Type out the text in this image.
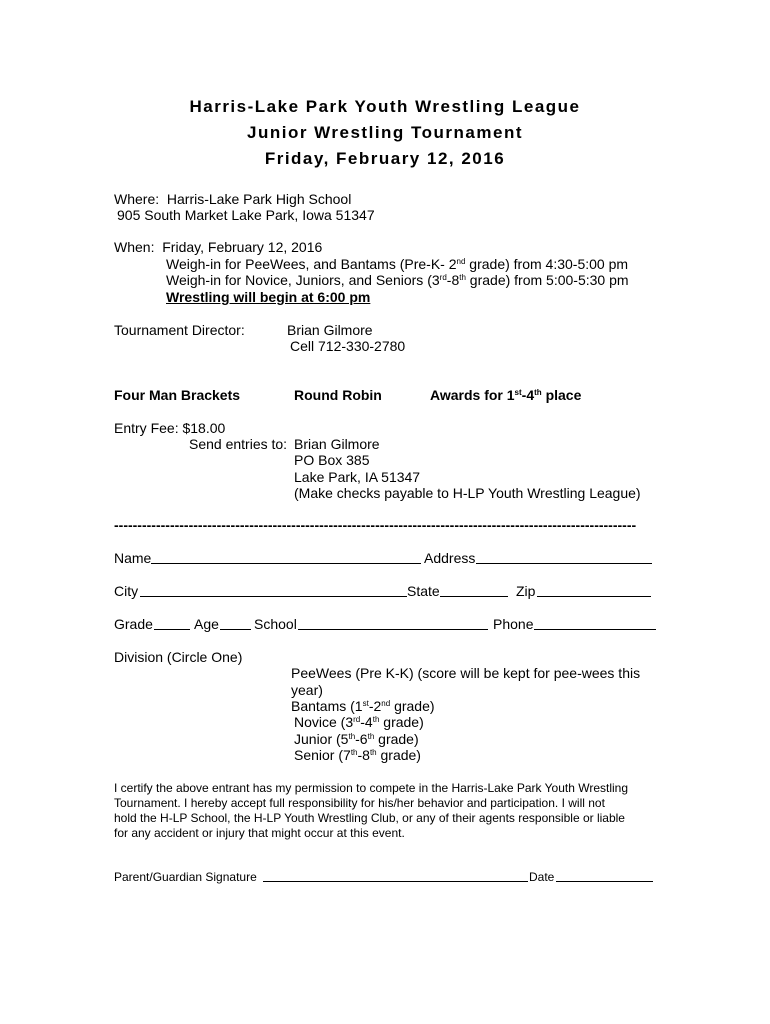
Harris-Lake Park Youth Wrestling League
Junior Wrestling Tournament
Friday, February 12, 2016
Where: Harris-Lake Park High School
905 South Market Lake Park, Iowa 51347
When: Friday, February 12, 2016
Weigh-in for PeeWees, and Bantams (Pre-K- 2nd grade) from 4:30-5:00 pm
Weigh-in for Novice, Juniors, and Seniors (3rd-8th grade) from 5:00-5:30 pm
Wrestling will begin at 6:00 pm
Tournament Director:	Brian Gilmore
Cell 712-330-2780
Four Man Brackets	Round Robin	Awards for 1st-4th place
Entry Fee: $18.00
Send entries to: Brian Gilmore
PO Box 385
Lake Park, IA 51347
(Make checks payable to H-LP Youth Wrestling League)
----------------------------------------------------------------------------------------------------------------
Name	Address
City	State	Zip
Grade	Age	School	Phone
Division (Circle One)
PeeWees (Pre K-K) (score will be kept for pee-wees this
year)
Bantams (1st-2nd grade)
Novice (3rd-4th grade)
Junior (5th-6th grade)
Senior (7th-8th grade)
I certify the above entrant has my permission to compete in the Harris-Lake Park Youth Wrestling
Tournament. I hereby accept full responsibility for his/her behavior and participation. I will not
hold the H-LP School, the H-LP Youth Wrestling Club, or any of their agents responsible or liable
for any accident or injury that might occur at this event.
Parent/Guardian Signature	Date
